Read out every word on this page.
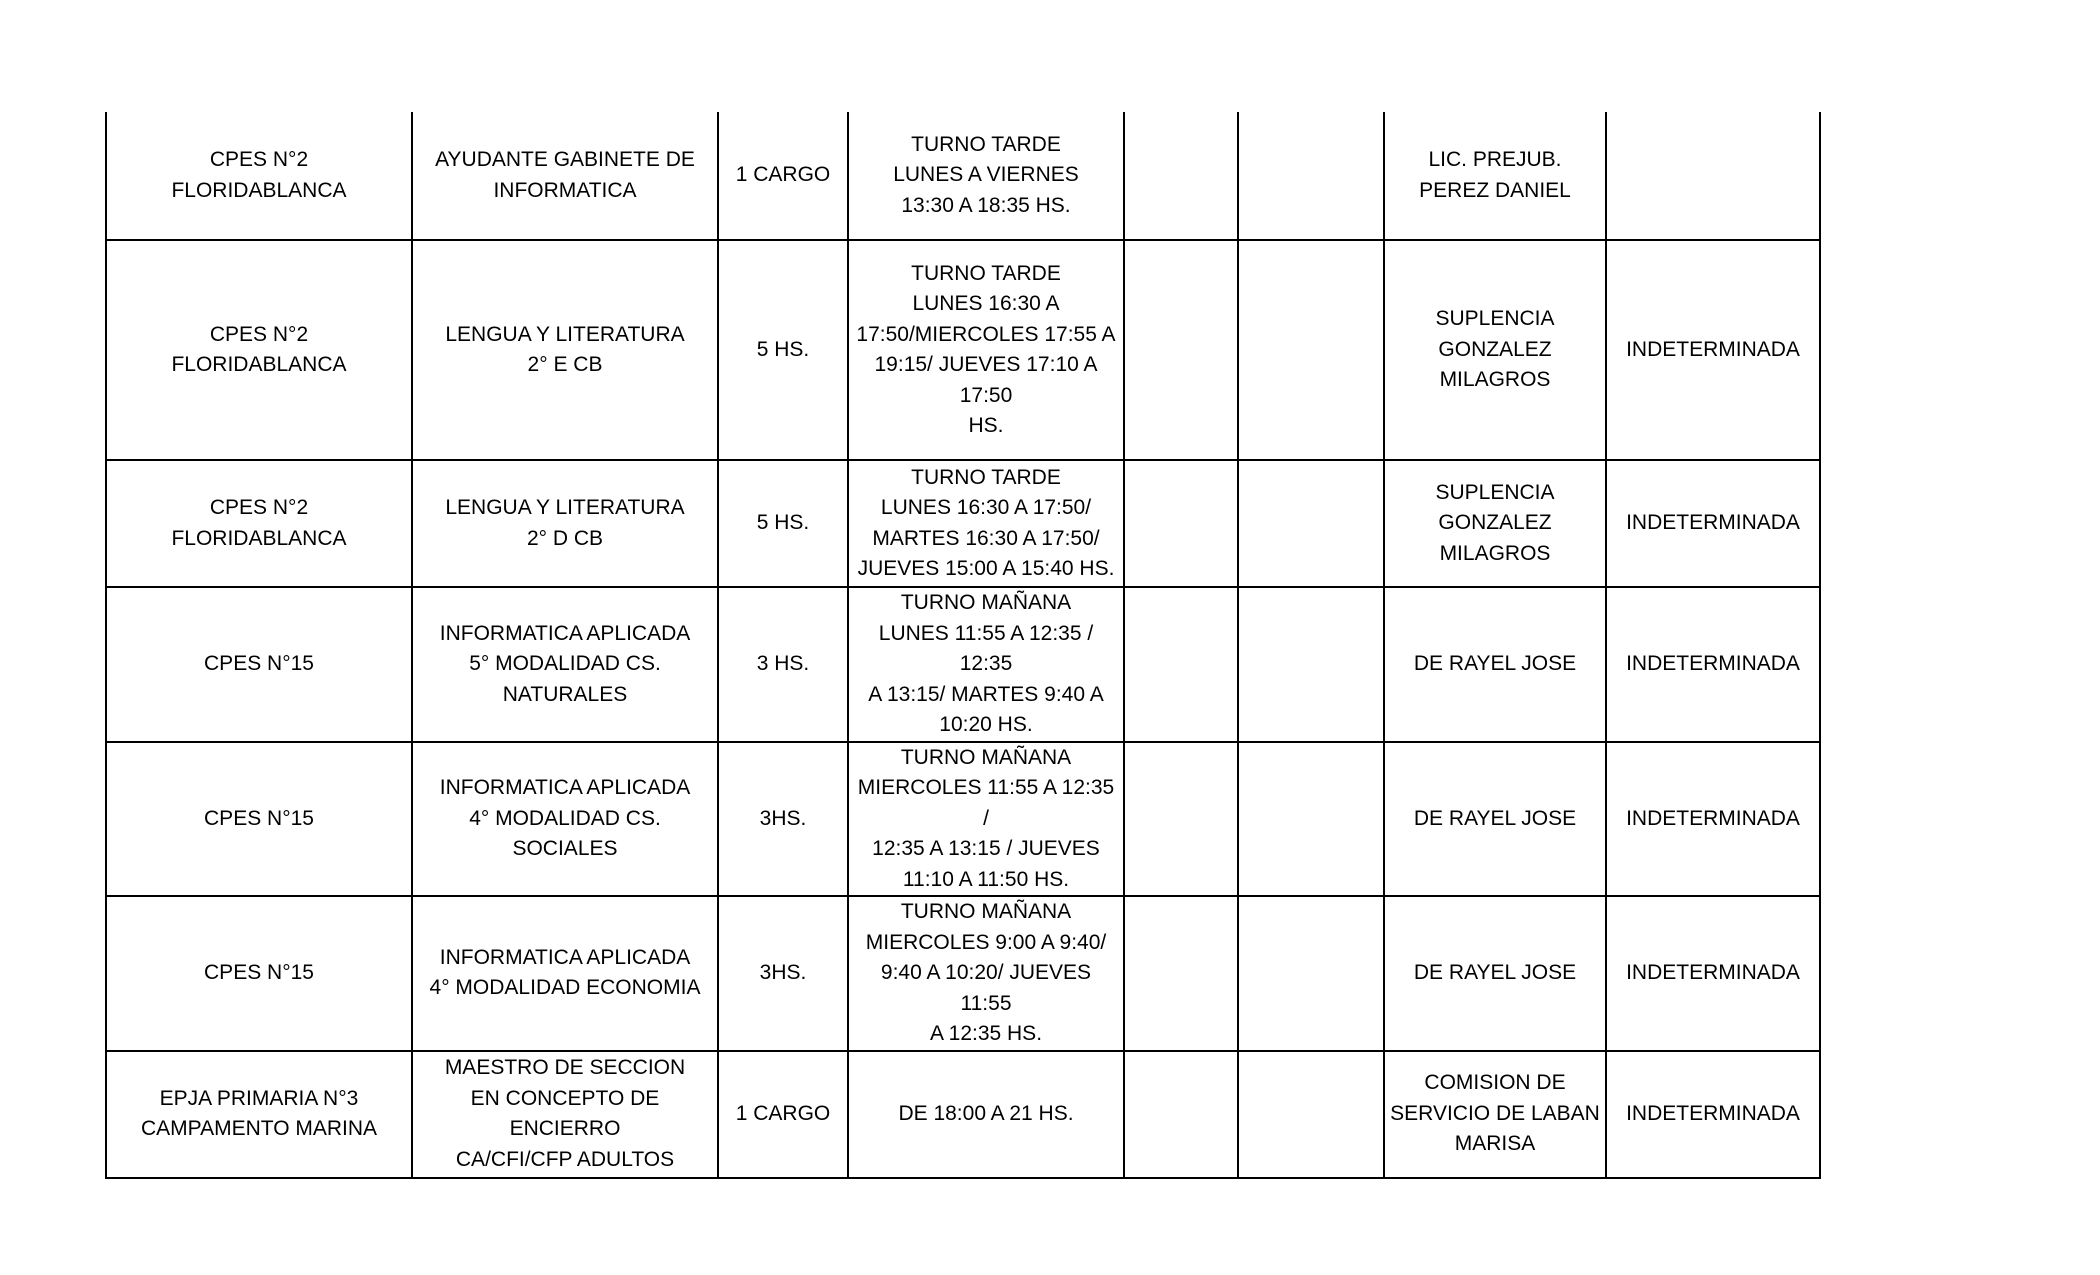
CPES N°2
FLORIDABLANCA	AYUDANTE GABINETE DE
INFORMATICA	1 CARGO	TURNO TARDE
LUNES A VIERNES
13:30 A 18:35 HS.			LIC. PREJUB.
PEREZ DANIEL	
CPES N°2
FLORIDABLANCA	LENGUA Y LITERATURA
2° E CB	5 HS.	TURNO TARDE
LUNES 16:30 A
17:50/MIERCOLES 17:55 A
19:15/ JUEVES 17:10 A 17:50
HS.			SUPLENCIA
GONZALEZ MILAGROS	INDETERMINADA
CPES N°2
FLORIDABLANCA	LENGUA Y LITERATURA
2° D CB	5 HS.	TURNO TARDE
LUNES 16:30 A 17:50/
MARTES 16:30 A 17:50/
JUEVES 15:00 A 15:40 HS.			SUPLENCIA
GONZALEZ MILAGROS	INDETERMINADA
CPES N°15	INFORMATICA APLICADA
5° MODALIDAD CS. NATURALES	3 HS.	TURNO MAÑANA
LUNES 11:55 A 12:35 / 12:35
A 13:15/ MARTES 9:40 A
10:20 HS.			DE RAYEL JOSE	INDETERMINADA
CPES N°15	INFORMATICA APLICADA
4° MODALIDAD CS. SOCIALES	3HS.	TURNO MAÑANA
MIERCOLES 11:55 A 12:35 /
12:35 A 13:15 / JUEVES
11:10 A 11:50 HS.			DE RAYEL JOSE	INDETERMINADA
CPES N°15	INFORMATICA APLICADA
4° MODALIDAD ECONOMIA	3HS.	TURNO MAÑANA
MIERCOLES 9:00 A 9:40/
9:40 A 10:20/ JUEVES 11:55
A 12:35 HS.			DE RAYEL JOSE	INDETERMINADA
EPJA PRIMARIA N°3
CAMPAMENTO MARINA	MAESTRO DE SECCION
EN CONCEPTO DE ENCIERRO
CA/CFI/CFP ADULTOS	1 CARGO	DE 18:00 A 21 HS.			COMISION DE
SERVICIO DE LABAN
MARISA	INDETERMINADA
